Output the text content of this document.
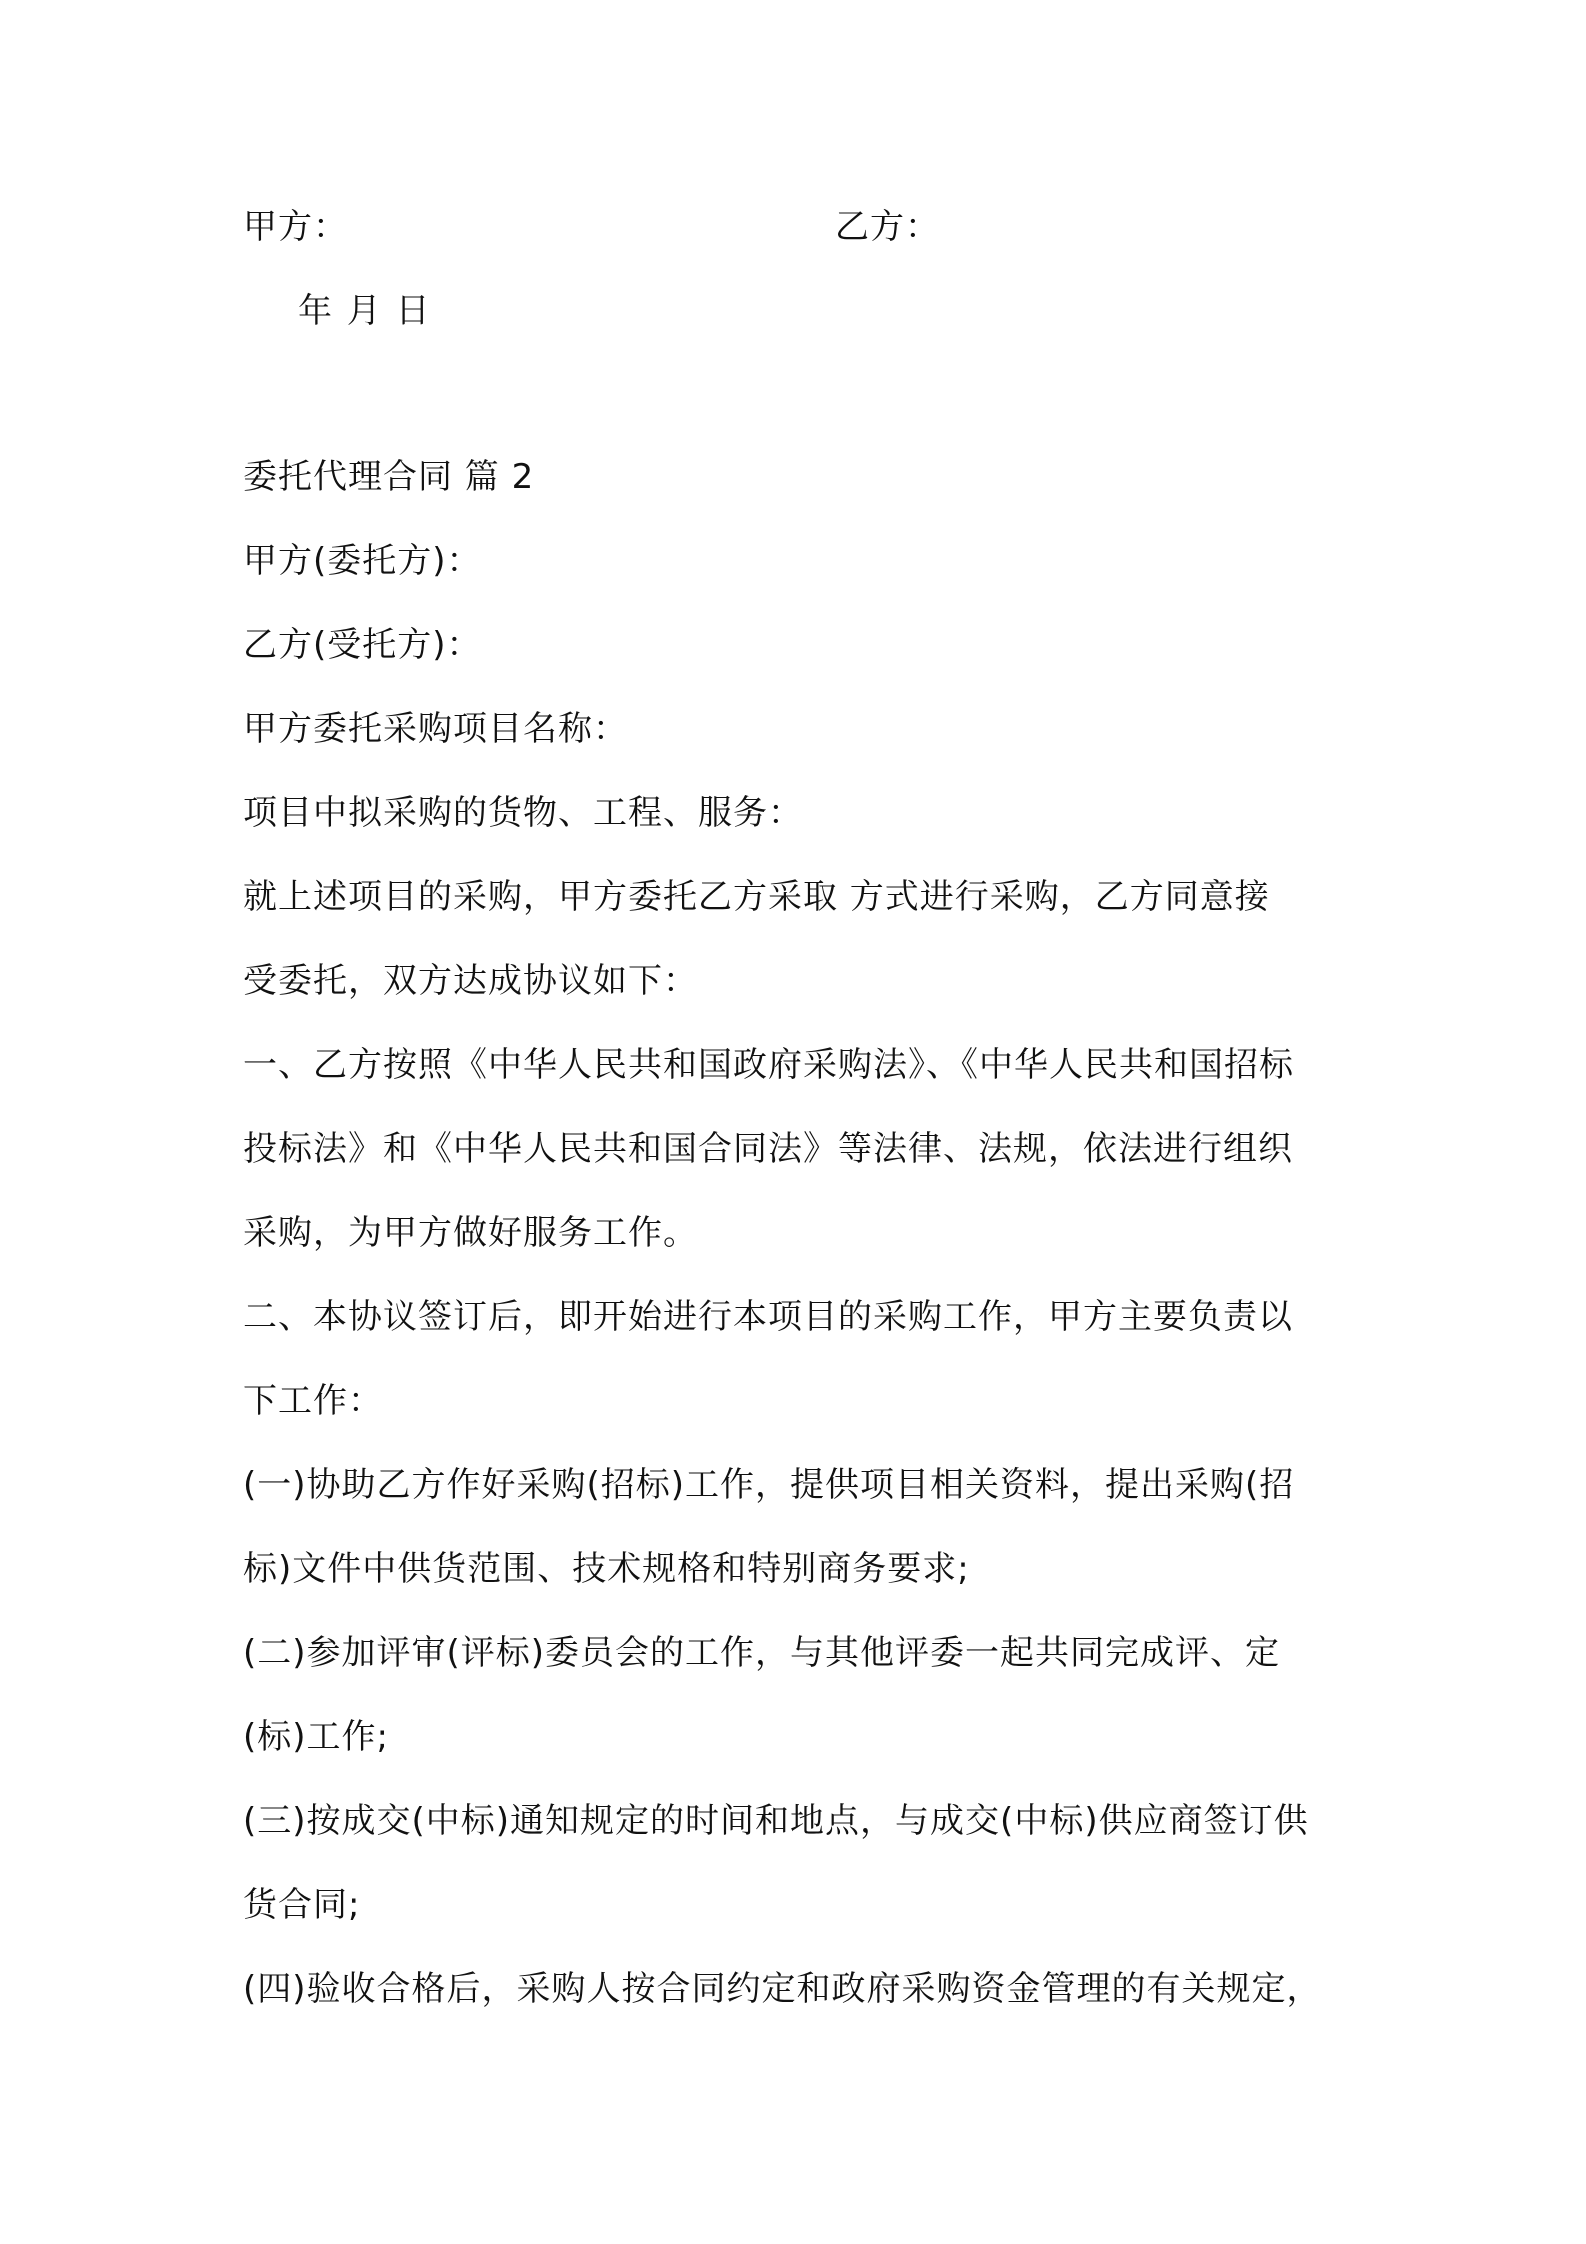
甲方：	乙方：
年 月 日
委托代理合同 篇 2
甲方(委托方)：
乙方(受托方)：
甲方委托采购项目名称：
项目中拟采购的货物、工程、服务：
就上述项目的采购，甲方委托乙方采取 方式进行采购，乙方同意接
受委托，双方达成协议如下：
一、乙方按照《中华人民共和国政府采购法》、《中华人民共和国招标
投标法》和《中华人民共和国合同法》等法律、法规，依法进行组织
采购，为甲方做好服务工作。
二、本协议签订后，即开始进行本项目的采购工作，甲方主要负责以
下工作：
(一)协助乙方作好采购(招标)工作，提供项目相关资料，提出采购(招
标)文件中供货范围、技术规格和特别商务要求;
(二)参加评审(评标)委员会的工作，与其他评委一起共同完成评、定
(标)工作;
(三)按成交(中标)通知规定的时间和地点，与成交(中标)供应商签订供
货合同;
(四)验收合格后，采购人按合同约定和政府采购资金管理的有关规定，
